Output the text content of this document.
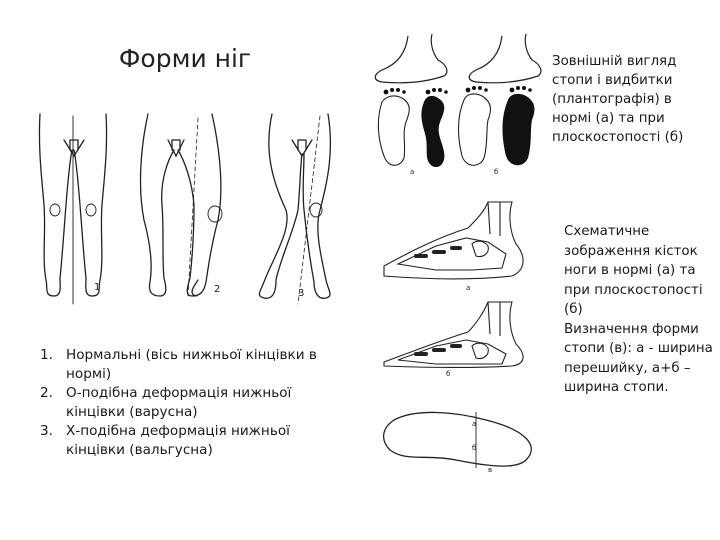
Форми ніг
1	2	3
1. Нормальні (вісь нижньої кінцівки в нормі)
2. О-подібна деформація нижньої кінцівки (варусна)
3. Х-подібна деформація нижньої кінцівки (вальгусна)
а	б
Зовнішній вигляд стопи і видбитки (плантографія) в нормі (а) та при плоскостопості (б)
а
б
а
б
в

Схематичне зображення кісток ноги в нормі (а) та при плоскостопості (б)

Визначення форми стопи (в): а - ширина перешийку, а+б – ширина стопи.
